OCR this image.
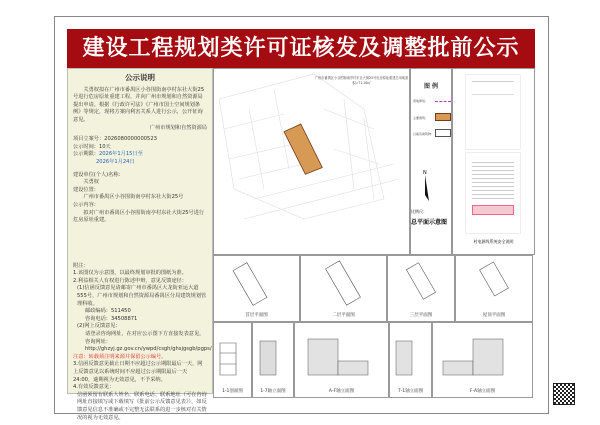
建设工程规划类许可证核发及调整批前公示
公示说明

关勇权拟在广州市番禺区小谷围街南亭村东社大街25号进行危房原址重建工程，并向广州市规划和自然资源局提出申请。根据《行政许可法》《广州市国土空间规划条例》等规定，现将方案向利害关系人进行公示，公开征询意见。

广州市规划和自然资源局

项目立案号：2026080000000523
公示时间：10天
公示期限：2026年1月15日至
2026年1月24日
建设单位(个人)名称：
关勇权
建设位置：
广州市番禺区小谷围街南亭村东社大街25号
公示内容：
拟对广州市番禺区小谷围街南亭村东社大街25号进行危房原址重建。
附注：
1.该图仅为示意图，以最终规划审批的图纸为准。
2.利益相关人有权进行陈述申辩，意见反馈途径：
(1)信函反馈意见请邮寄广州市番禺区大龙街亚运大道555号，广州市规划和自然资源局番禺区分局建筑规划管理科收。
邮政编码：511450
咨询电话：34508871
(2)网上反馈意见：
请登录咨询网址，在对应公示图下方直接发表意见。
咨询网址：
http://ghzyj.gz.gov.cn/ywpd/csgh/ghsjgsgb/pgps/
注意：转载须注明来源并保留公示编号。
3.信函反馈意见截止日期不应超过公示期限最后一天，网上反馈意见以系统时间不应超过公示期限最后一天24:00，逾期视为无效意见，不予采纳。
4.有效反馈意见：
信函须留有联系人姓名、联系电话、联系地址（可在咨询网址直接填写或下载填写《批前公示反馈意见表》），如反馈意见信息不准确或不完整无法联系的进一步核对有关情况的视为无效意见。
广州市番禺区小谷围街南亭村东社大街25号危房原址重建总用地面积=71.26㎡	图 例
用地界线：
主要建筑：
以前有建筑物：
N
比例尺：
总平面示意图
村电源线系统安全说明
首层平面图	二层平面图	三层平面图	屋顶平面图
1-1剖面图	1-7轴立面图	A-F轴立面图	7-1轴立面图	F-A轴立面图
